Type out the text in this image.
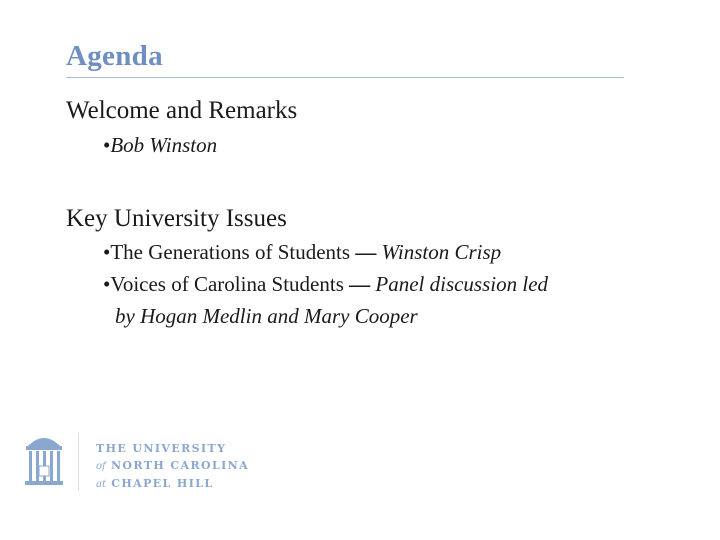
Agenda
Welcome and Remarks
•Bob Winston
Key University Issues
•The Generations of Students — Winston Crisp
•Voices of Carolina Students — Panel discussion led
by Hogan Medlin and Mary Cooper
THE UNIVERSITY
of NORTH CAROLINA
at CHAPEL HILL
